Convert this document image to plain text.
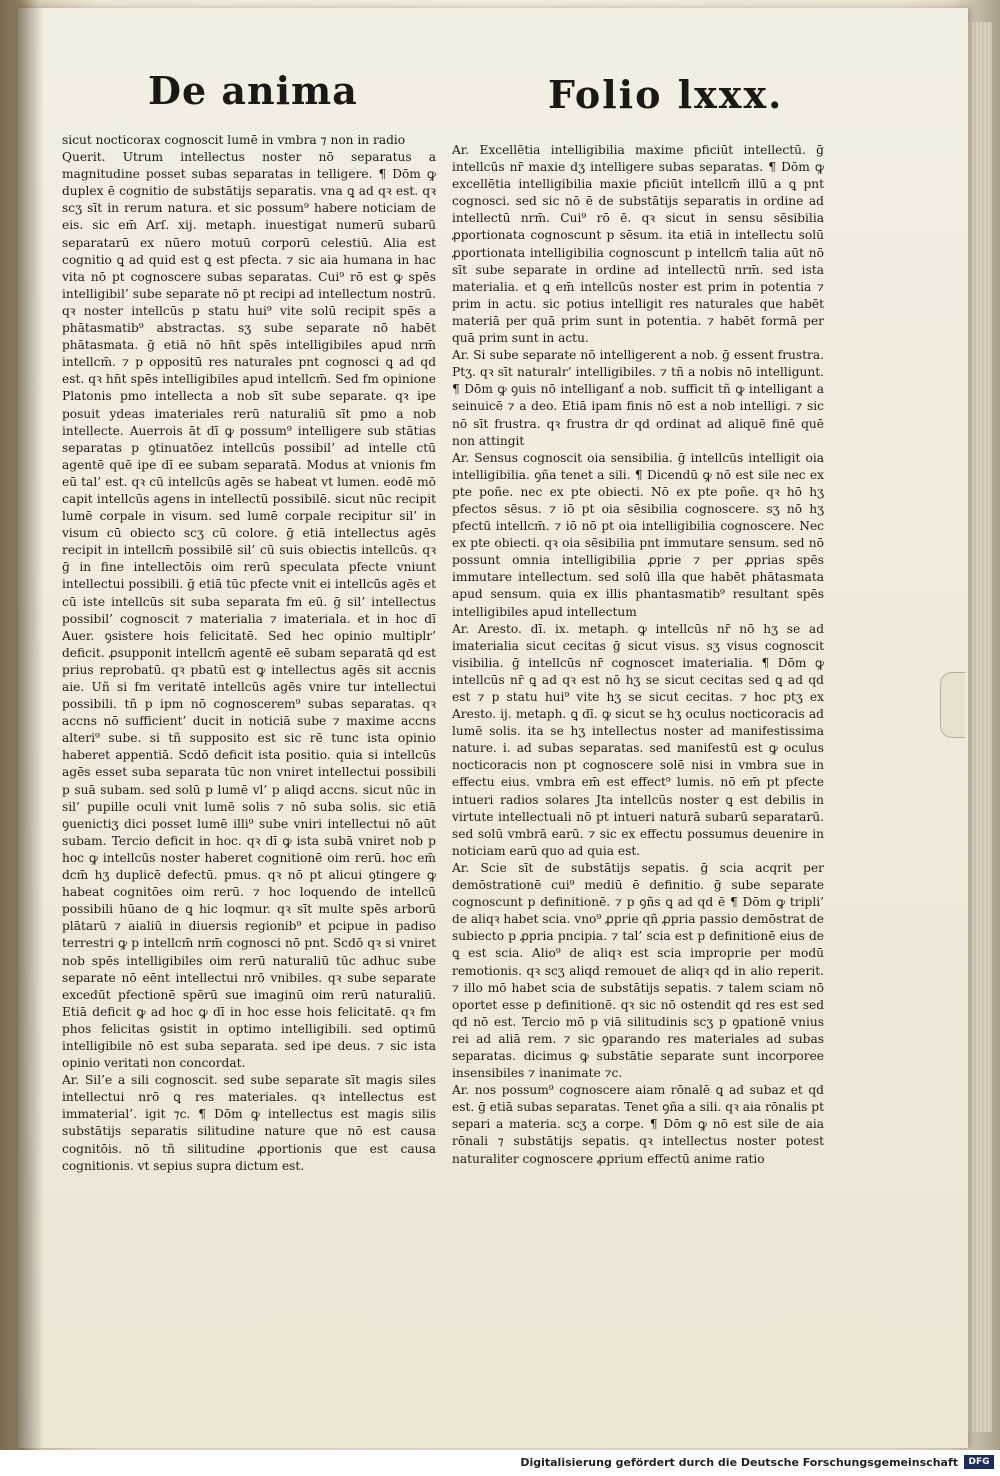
De anima	Folio lxxx.

sicut nocticorax cognoscit lumē in vmbra ⁊ non in radio

Querit. Utrum intellectus noster nō separatus a magnitudine posset subas separatas in telligere. ¶ Dōm ꝙ duplex ē cognitio de substātijs separatis. vna ꝗ ad qꝛ est. qꝛ scʒ sīt in rerum natura. et sic possum⁹ habere noticiam de eis. sic em̄ Arſ. xij. metaph. inuestigat numerū subarū separatarū ex nūero motuū corporū celestiū. Alia est cognitio ꝗ ad quid est ꝗ est pfecta. ⁊ sic aia humana in hac vita nō pt cognoscere subas separatas. Cui⁹ rō est ꝙ spēs intelligibil’ sube separate nō pt recipi ad intellectum nostrū. qꝛ noster intellcūs p statu hui⁹ vite solū recipit spēs a phātasmatib⁹ abstractas. sʒ sube separate nō habēt phātasmata. ḡ etiā nō hn̄t spēs intelligibiles apud nrm̄ intellcm̄. ⁊ p oppositū res naturales pnt cognosci ꝗ ad qd est. qꝛ hn̄t spēs intelligibiles apud intellcm̄. Sed fm opinione Platonis pmo intellecta a nob sīt sube separate. qꝛ ipe posuit ydeas imateriales rerū naturaliū sīt pmo a nob intellecte. Auerrois āt dī ꝙ possum⁹ intelligere sub stātias separatas p ꝯtinuatōez intellcūs possibil’ ad intelle ctū agentē quē ipe dī ee subam separatā. Modus at vnionis fm eū tal’ est. qꝛ cū intellcūs agēs se habeat vt lumen. eodē mō capit intellcūs agens in intellectū possibilē. sicut nūc recipit lumē corpale in visum. sed lumē corpale recipitur sil’ in visum cū obiecto scʒ cū colore. ḡ etiā intellectus agēs recipit in intellcm̄ possibilē sil’ cū suis obiectis intellcūs. qꝛ ḡ in fine intellectōis oim rerū speculata pfecte vniunt intellectui possibili. ḡ etiā tūc pfecte vnit ei intellcūs agēs et cū iste intellcūs sit suba separata fm eū. ḡ sil’ intellectus possibil’ cognoscit ⁊ materialia ⁊ imateriala. et in hoc dī Auer. ꝯsistere hois felicitatē. Sed hec opinio multiplr’ deficit. ꝓsupponit intellcm̄ agentē eē subam separatā qd est prius reprobatū. qꝛ pbatū est ꝙ intellectus agēs sit accnis aie. Uñ si fm veritatē intellcūs agēs vnire tur intellectui possibili. tñ p ipm nō cognoscerem⁹ subas separatas. qꝛ accns nō sufficient’ ducit in noticiā sube ⁊ maxime accns alteri⁹ sube. si tñ supposito est sic rē tunc ista opinio haberet appentiā. Scdō deficit ista positio. quia si intellcūs agēs esset suba separata tūc non vniret intellectui possibili p suā subam. sed solū p lumē vl’ p aliqd accns. sicut nūc in sil’ pupille oculi vnit lumē solis ⁊ nō suba solis. sic etiā ꝯuenictiʒ dici posset lumē illi⁹ sube vniri intellectui nō aūt subam. Tercio deficit in hoc. qꝛ dī ꝙ ista subā vniret nob p hoc ꝙ intellcūs noster haberet cognitionē oim rerū. hoc em̄ dcm̄ hʒ duplicē defectū. pmus. qꝛ nō pt alicui ꝯtingere ꝙ habeat cognitōes oim rerū. ⁊ hoc loquendo de intellcū possibili hūano de ꝗ hic loqmur. qꝛ sīt multe spēs arborū plātarū ⁊ aialiū in diuersis regionib⁹ et pcipue in padiso terrestri ꝙ p intellcm̄ nrm̄ cognosci nō pnt. Scdō qꝛ si vniret nob spēs intelligibiles oim rerū naturaliū tūc adhuc sube separate nō eēnt intellectui nrō vnibiles. qꝛ sube separate excedūt pfectionē spērū sue imaginū oim rerū naturaliū. Etiā deficit ꝙ ad hoc ꝙ dī in hoc esse hois felicitatē. qꝛ fm phos felicitas ꝯsistit in optimo intelligibili. sed optimū intelligibile nō est suba separata. sed ipe deus. ⁊ sic ista opinio veritati non concordat.

Ar. Sil’e a sili cognoscit. sed sube separate sīt magis siles intellectui nrō ꝗ res materiales. qꝛ intellectus est immaterial’. igit ⁊c. ¶ Dōm ꝙ intellectus est magis silis substātijs separatis silitudine nature que nō est causa cognitōis. nō tñ silitudine ꝓportionis que est causa cognitionis. vt sepius supra dictum est.

Ar. Excellētia intelligibilia maxime pficiūt intellectū. ḡ intellcūs nr̄ maxie dʒ intelligere subas separatas. ¶ Dōm ꝙ excellētia intelligibilia maxie pficiūt intellcm̄ illū a ꝗ pnt cognosci. sed sic nō ē de substātijs separatis in ordine ad intellectū nrm̄. Cui⁹ rō ē. qꝛ sicut in sensu sēsibilia ꝓportionata cognoscunt p sēsum. ita etiā in intellectu solū ꝓportionata intelligibilia cognoscunt p intellcm̄ talia aūt nō sīt sube separate in ordine ad intellectū nrm̄. sed ista materialia. et ꝗ em̄ intellcūs noster est prim in potentia ⁊ prim in actu. sic potius intelligit res naturales que habēt materiā per quā prim sunt in potentia. ⁊ habēt formā per quā prim sunt in actu.

Ar. Si sube separate nō intelligerent a nob. ḡ essent frustra. Ptʒ. qꝛ sīt naturalr’ intelligibiles. ⁊ tñ a nobis nō intelligunt. ¶ Dōm ꝙ ꝯuis nō intelliganť a nob. sufficit tñ ꝙ intelligant a seinuicē ⁊ a deo. Etiā ipam finis nō est a nob intelligi. ⁊ sic nō sīt frustra. qꝛ frustra dr qd ordinat ad aliquē finē quē non attingit

Ar. Sensus cognoscit oia sensibilia. ḡ intellcūs intelligit oia intelligibilia. ꝯña tenet a sili. ¶ Dicendū ꝙ nō est sile nec ex pte poñe. nec ex pte obiecti. Nō ex pte poñe. qꝛ hō hʒ pfectos sēsus. ⁊ iō pt oia sēsibilia cognoscere. sʒ nō hʒ pfectū intellcm̄. ⁊ iō nō pt oia intelligibilia cognoscere. Nec ex pte obiecti. qꝛ oia sēsibilia pnt immutare sensum. sed nō possunt omnia intelligibilia ꝓprie ⁊ per ꝓprias spēs immutare intellectum. sed solū illa que habēt phātasmata apud sensum. quia ex illis phantasmatib⁹ resultant spēs intelligibiles apud intellectum

Ar. Aresto. dī. ix. metaph. ꝙ intellcūs nr̄ nō hʒ se ad imaterialia sicut cecitas ḡ sicut visus. sʒ visus cognoscit visibilia. ḡ intellcūs nr̄ cognoscet imaterialia. ¶ Dōm ꝙ intellcūs nr̄ ꝗ ad qꝛ est nō hʒ se sicut cecitas sed ꝗ ad qd est ⁊ p statu hui⁹ vite hʒ se sicut cecitas. ⁊ hoc ptʒ ex Aresto. ij. metaph. ꝗ dī. ꝙ sicut se hʒ oculus nocticoracis ad lumē solis. ita se hʒ intellectus noster ad manifestissima nature. i. ad subas separatas. sed manifestū est ꝙ oculus nocticoracis non pt cognoscere solē nisi in vmbra sue in effectu eius. vmbra em̄ est effect⁹ lumis. nō em̄ pt pfecte intueri radios solares Jta intellcūs noster ꝗ est debilis in virtute intellectuali nō pt intueri naturā subarū separatarū. sed solū vmbrā earū. ⁊ sic ex effectu possumus deuenire in noticiam earū quo ad quia est.

Ar. Scie sīt de substātijs sepatis. ḡ scia acqrit per demōstrationē cui⁹ mediū ē definitio. ḡ sube separate cognoscunt p definitionē. ⁊ p ꝯñs ꝗ ad qd ē ¶ Dōm ꝙ tripli’ de aliqꝛ habet scia. vno⁹ ꝓprie qñ ꝓpria passio demōstrat de subiecto p ꝓpria pncipia. ⁊ tal’ scia est p definitionē eius de ꝗ est scia. Alio⁹ de aliqꝛ est scia improprie per modū remotionis. qꝛ scʒ aliqd remouet de aliqꝛ qd in alio reperit. ⁊ illo mō habet scia de substātijs sepatis. ⁊ talem sciam nō oportet esse p definitionē. qꝛ sic nō ostendit qd res est sed qd nō est. Tercio mō p viā silitudinis scʒ p ꝯpationē vnius rei ad aliā rem. ⁊ sic ꝯparando res materiales ad subas separatas. dicimus ꝙ substātie separate sunt incorporee insensibiles ⁊ inanimate ⁊c.

Ar. nos possum⁹ cognoscere aiam rōnalē ꝗ ad subaz et qd est. ḡ etiā subas separatas. Tenet ꝯña a sili. qꝛ aia rōnalis pt separi a materia. scʒ a corpe. ¶ Dōm ꝙ nō est sile de aia rōnali ⁊ substātijs sepatis. qꝛ intellectus noster potest naturaliter cognoscere ꝓprium effectū anime ratio

Digitalisierung gefördert durch die Deutsche Forschungsgemeinschaft	DFG
